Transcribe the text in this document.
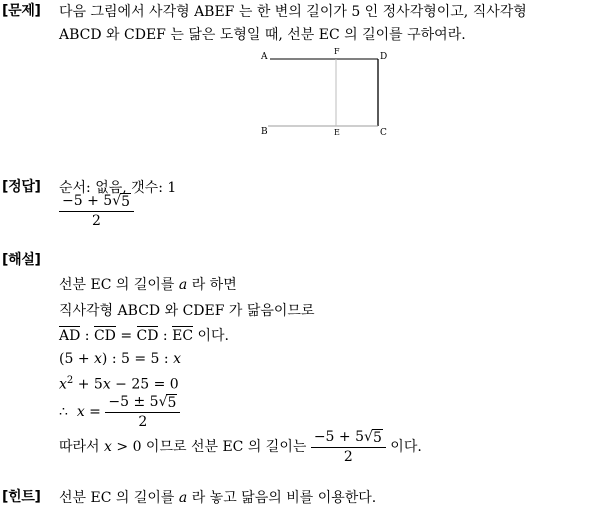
[문제] 다음 그림에서 사각형 ABEF 는 한 변의 길이가 5 인 정사각형이고, 직사각형
ABCD 와 CDEF 는 닮은 도형일 때, 선분 EC 의 길이를 구하여라.
A
F
D
B	E	C
[정답] 순서: 없음, 갯수: 1
$\frac{-5 + 5 √ 5}{2}$
[해설]
선분 EC 의 길이를 a 라 하면
직사각형 ABCD 와 CDEF 가 닮음이므로
AD : CD = CD : EC 이다.
(5 + x) : 5 = 5 : x
$x^2 + 5x - 25 = 0$
∴ $x = \frac{-5 \pm 5 √ 5}{2}$
따라서 x > 0 이므로 선분 EC 의 길이는 $\frac{-5 + 5 √ 5}{2}$ 이다.
[힌트] 선분 EC 의 길이를 a 라 놓고 닮음의 비를 이용한다.
